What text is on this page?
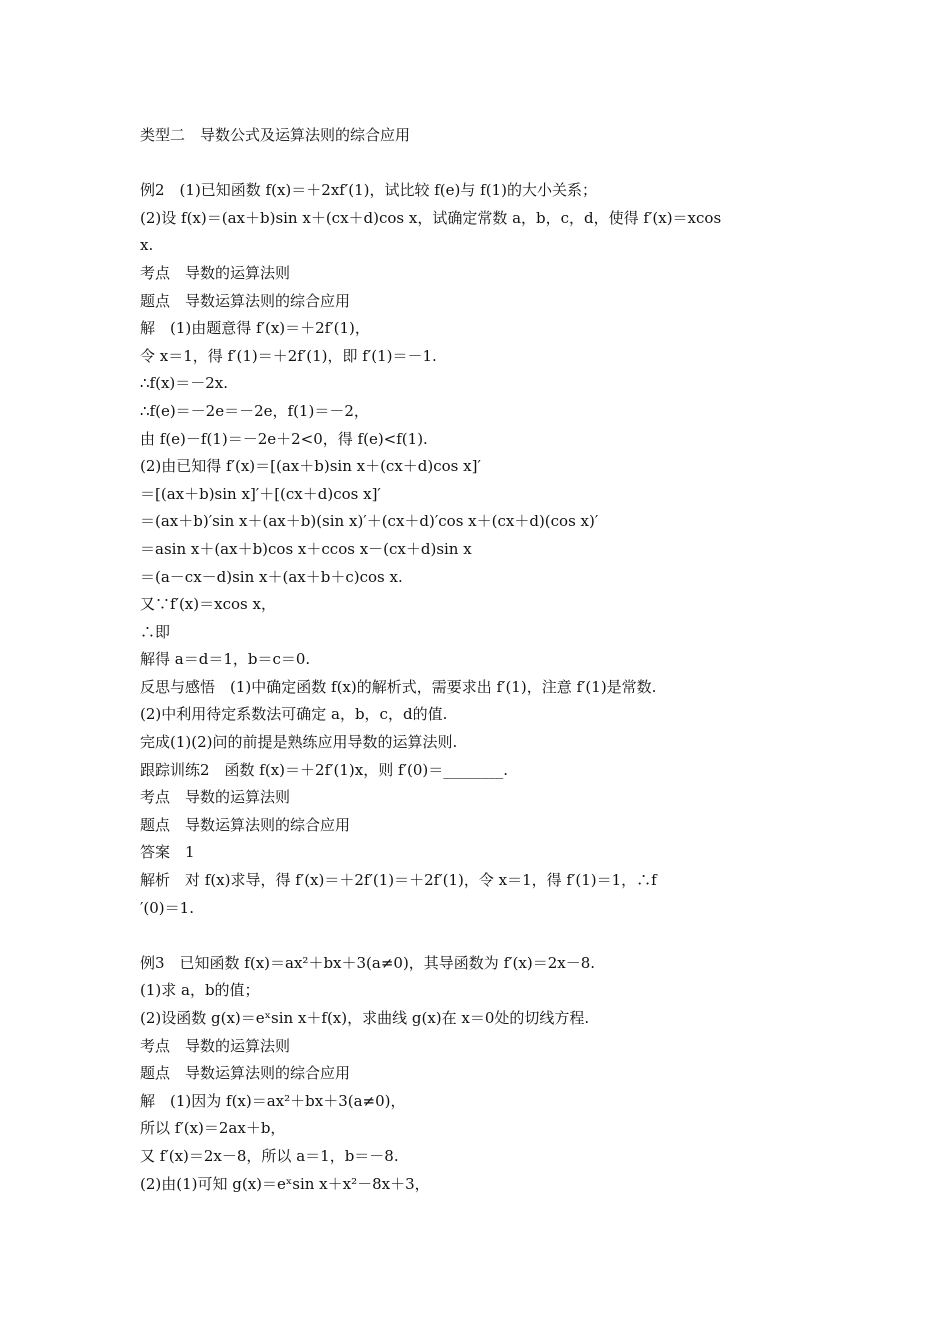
类型二　导数公式及运算法则的综合应用
例2　(1)已知函数 f(x)＝＋2xf′(1)，试比较 f(e)与 f(1)的大小关系；
(2)设 f(x)＝(ax＋b)sin x＋(cx＋d)cos x，试确定常数 a，b，c，d，使得 f′(x)＝xcos
x.
考点　导数的运算法则
题点　导数运算法则的综合应用
解　(1)由题意得 f′(x)＝＋2f′(1)，
令 x＝1，得 f′(1)＝＋2f′(1)，即 f′(1)＝－1.
∴f(x)＝－2x.
∴f(e)＝－2e＝－2e，f(1)＝－2，
由 f(e)－f(1)＝－2e＋2<0，得 f(e)<f(1).
(2)由已知得 f′(x)＝[(ax＋b)sin x＋(cx＋d)cos x]′
＝[(ax＋b)sin x]′＋[(cx＋d)cos x]′
＝(ax＋b)′sin x＋(ax＋b)(sin x)′＋(cx＋d)′cos x＋(cx＋d)(cos x)′
＝asin x＋(ax＋b)cos x＋ccos x－(cx＋d)sin x
＝(a－cx－d)sin x＋(ax＋b＋c)cos x.
又∵f′(x)＝xcos x，
∴即
解得 a＝d＝1，b＝c＝0.
反思与感悟　(1)中确定函数 f(x)的解析式，需要求出 f′(1)，注意 f′(1)是常数.
(2)中利用待定系数法可确定 a，b，c，d的值.
完成(1)(2)问的前提是熟练应用导数的运算法则.
跟踪训练2　函数 f(x)＝＋2f′(1)x，则 f′(0)＝________.
考点　导数的运算法则
题点　导数运算法则的综合应用
答案　1
解析　对 f(x)求导，得 f′(x)＝＋2f′(1)＝＋2f′(1)，令 x＝1，得 f′(1)＝1，∴f
′(0)＝1.
例3　已知函数 f(x)＝ax²＋bx＋3(a≠0)，其导函数为 f′(x)＝2x－8.
(1)求 a，b的值；
(2)设函数 g(x)＝eˣsin x＋f(x)，求曲线 g(x)在 x＝0处的切线方程.
考点　导数的运算法则
题点　导数运算法则的综合应用
解　(1)因为 f(x)＝ax²＋bx＋3(a≠0)，
所以 f′(x)＝2ax＋b，
又 f′(x)＝2x－8，所以 a＝1，b＝－8.
(2)由(1)可知 g(x)＝eˣsin x＋x²－8x＋3，
